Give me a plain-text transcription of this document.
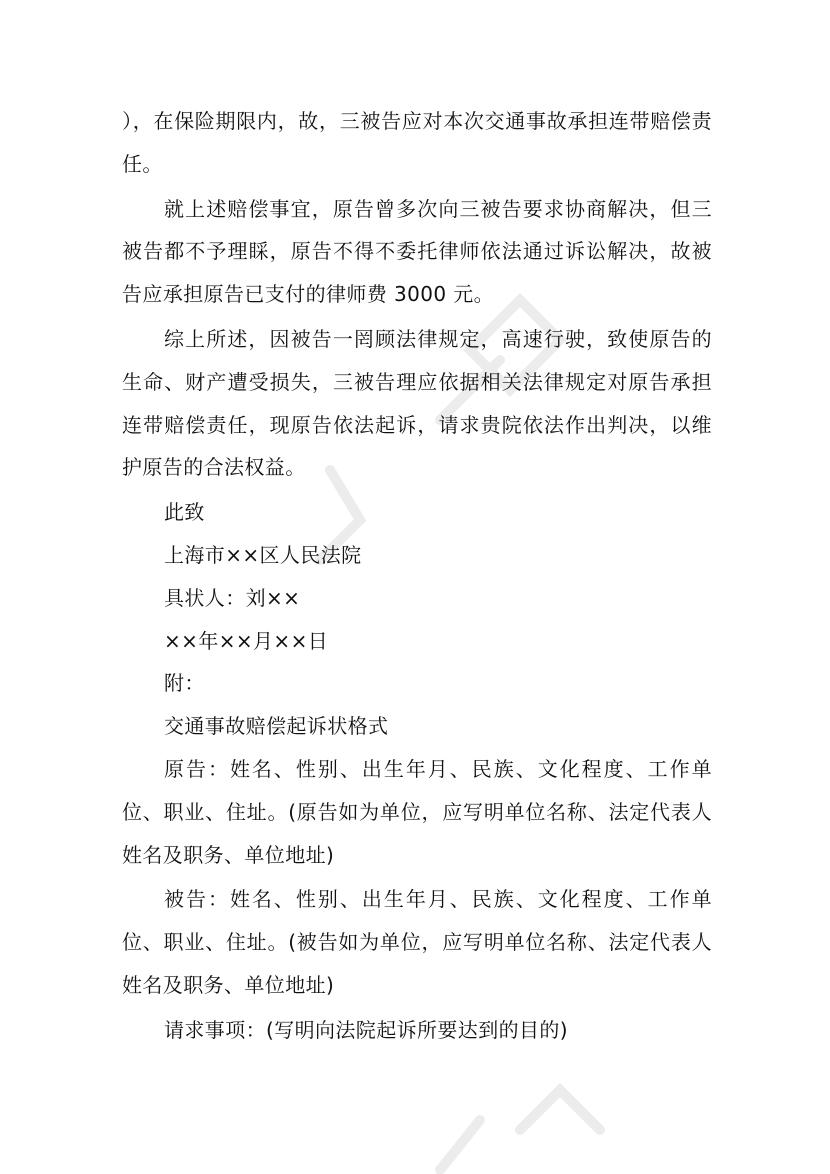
），在保险期限内，故，三被告应对本次交通事故承担连带赔偿责任。

就上述赔偿事宜，原告曾多次向三被告要求协商解决，但三被告都不予理睬，原告不得不委托律师依法通过诉讼解决，故被告应承担原告已支付的律师费 3000 元。

综上所述，因被告一罔顾法律规定，高速行驶，致使原告的生命、财产遭受损失，三被告理应依据相关法律规定对原告承担连带赔偿责任，现原告依法起诉，请求贵院依法作出判决，以维护原告的合法权益。

此致

上海市××区人民法院

具状人：刘××

××年××月××日

附：

交通事故赔偿起诉状格式

原告：姓名、性别、出生年月、民族、文化程度、工作单位、职业、住址。(原告如为单位，应写明单位名称、法定代表人姓名及职务、单位地址)

被告：姓名、性别、出生年月、民族、文化程度、工作单位、职业、住址。(被告如为单位，应写明单位名称、法定代表人姓名及职务、单位地址)

请求事项：(写明向法院起诉所要达到的目的)
